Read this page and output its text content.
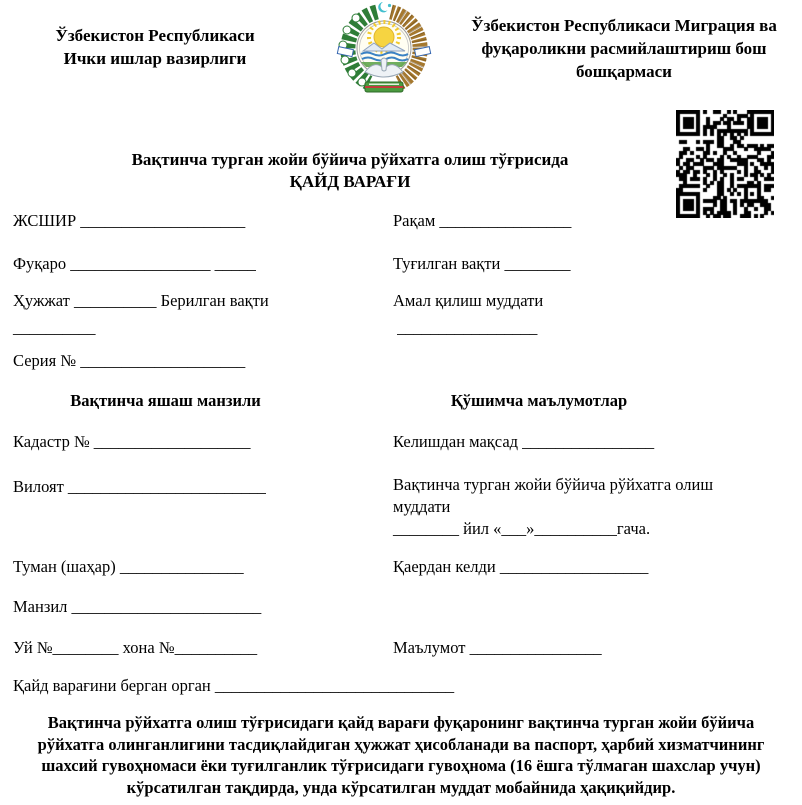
Ўзбекистон Республикаси
Ички ишлар вазирлиги
Ўзбекистон Республикаси Миграция ва фуқароликни расмийлаштириш бош бошқармаси
Вақтинча турган жойи бўйича рўйхатга олиш тўғрисида
ҚАЙД ВАРАҒИ
ЖСШИР ____________________
Фуқаро _________________ _____
Ҳужжат __________ Берилган вақти
__________
Серия № ____________________
Вақтинча яшаш манзили
Кадастр № ___________________
Вилоят ________________________
Туман (шаҳар) _______________
Манзил _______________________
Уй №________ хона №__________
Қайд варағини берган орган _____________________________
Рақам ________________
Туғилган вақти ________
Амал қилиш муддати
_________________
Қўшимча маълумотлар
Келишдан мақсад ________________
Вақтинча турган жойи бўйича рўйхатга олиш
муддати
________ йил «___»__________гача.
Қаердан келди __________________
Маълумот ________________
Вақтинча рўйхатга олиш тўғрисидаги қайд варағи фуқаронинг вақтинча турган жойи бўйича рўйхатга олинганлигини тасдиқлайдиган ҳужжат ҳисобланади ва паспорт, ҳарбий хизматчининг шахсий гувоҳномаси ёки туғилганлик тўғрисидаги гувоҳнома (16 ёшга тўлмаган шахслар учун) кўрсатилган тақдирда, унда кўрсатилган муддат мобайнида ҳақиқийдир.
